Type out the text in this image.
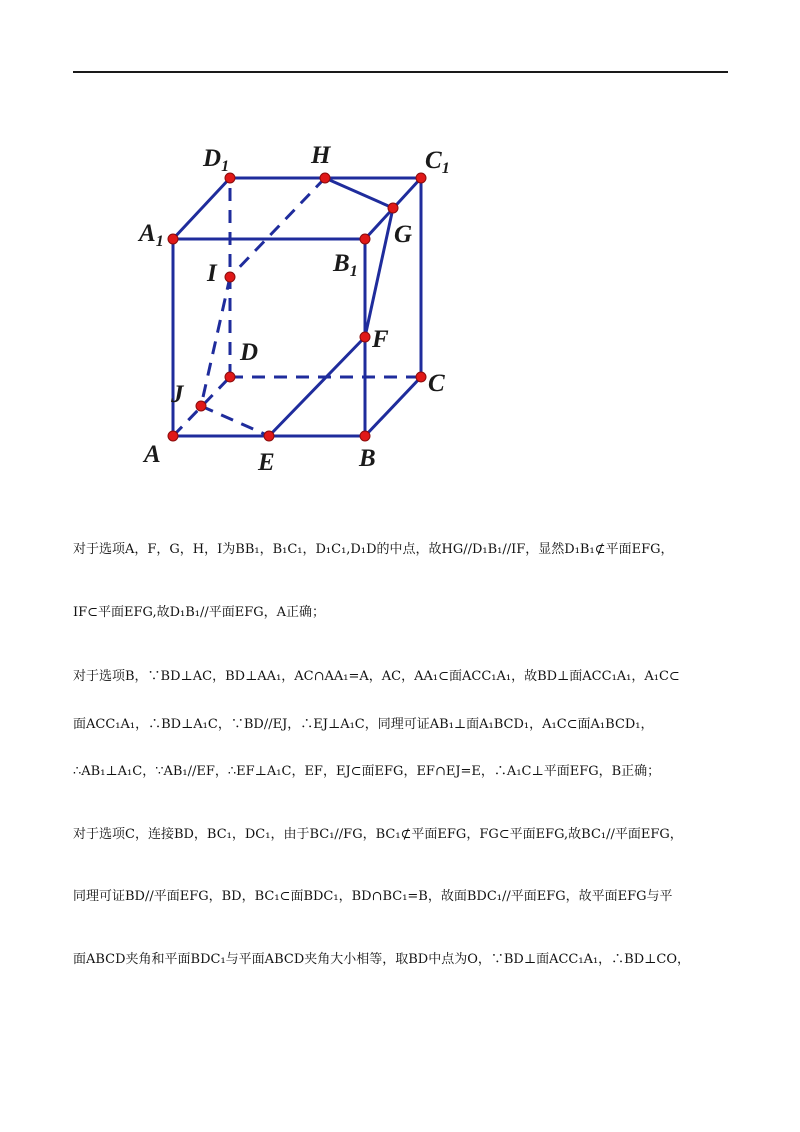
$D_1$	H	$C_1$
$A_1$	G
I	$B_1$
F
D
C
J
A	E	B

对于选项A，F，G，H，I为BB₁，B₁C₁，D₁C₁,D₁D的中点，故HG//D₁B₁//IF，显然D₁B₁⊄平面EFG，

IF⊂平面EFG,故D₁B₁//平面EFG，A正确；

对于选项B，∵BD⊥AC，BD⊥AA₁，AC∩AA₁=A，AC，AA₁⊂面ACC₁A₁，故BD⊥面ACC₁A₁，A₁C⊂

面ACC₁A₁，∴BD⊥A₁C，∵BD//EJ，∴EJ⊥A₁C，同理可证AB₁⊥面A₁BCD₁，A₁C⊂面A₁BCD₁，

∴AB₁⊥A₁C，∵AB₁//EF，∴EF⊥A₁C，EF，EJ⊂面EFG，EF∩EJ=E，∴A₁C⊥平面EFG，B正确；

对于选项C，连接BD，BC₁，DC₁，由于BC₁//FG，BC₁⊄平面EFG，FG⊂平面EFG,故BC₁//平面EFG，

同理可证BD//平面EFG，BD，BC₁⊂面BDC₁，BD∩BC₁=B，故面BDC₁//平面EFG，故平面EFG与平

面ABCD夹角和平面BDC₁与平面ABCD夹角大小相等，取BD中点为O，∵BD⊥面ACC₁A₁，∴BD⊥CO，
